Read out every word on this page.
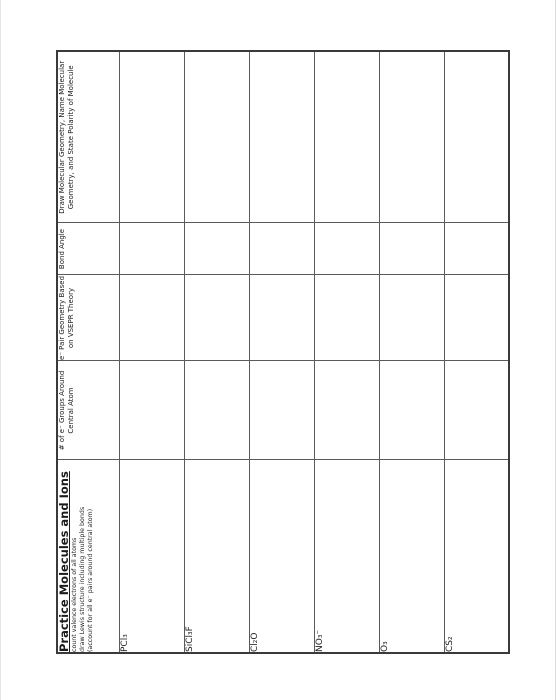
Practice Molecules and Ions count valence electrons of all atoms draw Lewis structure including multiple bonds (account for all e⁻ pairs around central atom)	# of e⁻ Groups Around Central Atom	e⁻ Pair Geometry Based on VSEPR Theory	Bond Angle	Draw Molecular Geometry, Name Molecular Geometry, and State Polarity of Molecule
PCl₃				
SiCl₃F				
Cl₂O				
NO₃⁻				
O₃				
CS₂				
